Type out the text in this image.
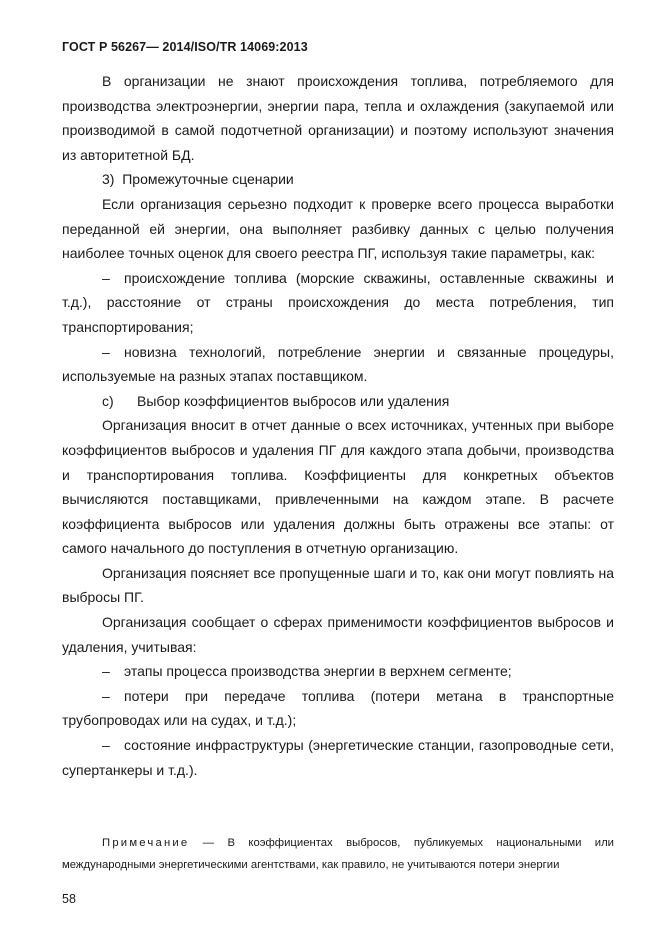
ГОСТ Р 56267— 2014/ISO/TR 14069:2013

В организации не знают происхождения топлива, потребляемого для производства электроэнергии, энергии пара, тепла и охлаждения (закупаемой или производимой в самой подотчетной организации) и поэтому используют значения из авторитетной БД.

3)  Промежуточные сценарии

Если организация серьезно подходит к проверке всего процесса выработки переданной ей энергии, она выполняет разбивку данных с целью получения наиболее точных оценок для своего реестра ПГ, используя такие параметры, как:

– происхождение топлива (морские скважины, оставленные скважины и т.д.), расстояние от страны происхождения до места потребления, тип транспортирования;

– новизна технологий, потребление энергии и связанные процедуры, используемые на разных этапах поставщиком.

c)      Выбор коэффициентов выбросов или удаления

Организация вносит в отчет данные о всех источниках, учтенных при выборе коэффициентов выбросов и удаления ПГ для каждого этапа добычи, производства и транспортирования топлива. Коэффициенты для конкретных объектов вычисляются поставщиками, привлеченными на каждом этапе. В расчете коэффициента выбросов или удаления должны быть отражены все этапы: от самого начального до поступления в отчетную организацию.

Организация поясняет все пропущенные шаги и то, как они могут повлиять на выбросы ПГ.

Организация сообщает о сферах применимости коэффициентов выбросов и удаления, учитывая:

– этапы процесса производства энергии в верхнем сегменте;

– потери при передаче топлива (потери метана в транспортные трубопроводах или на судах, и т.д.);

– состояние инфраструктуры (энергетические станции, газопроводные сети, супертанкеры и т.д.).

Примечание — В коэффициентах выбросов, публикуемых национальными или международными энергетическими агентствами, как правило, не учитываются потери энергии
58
